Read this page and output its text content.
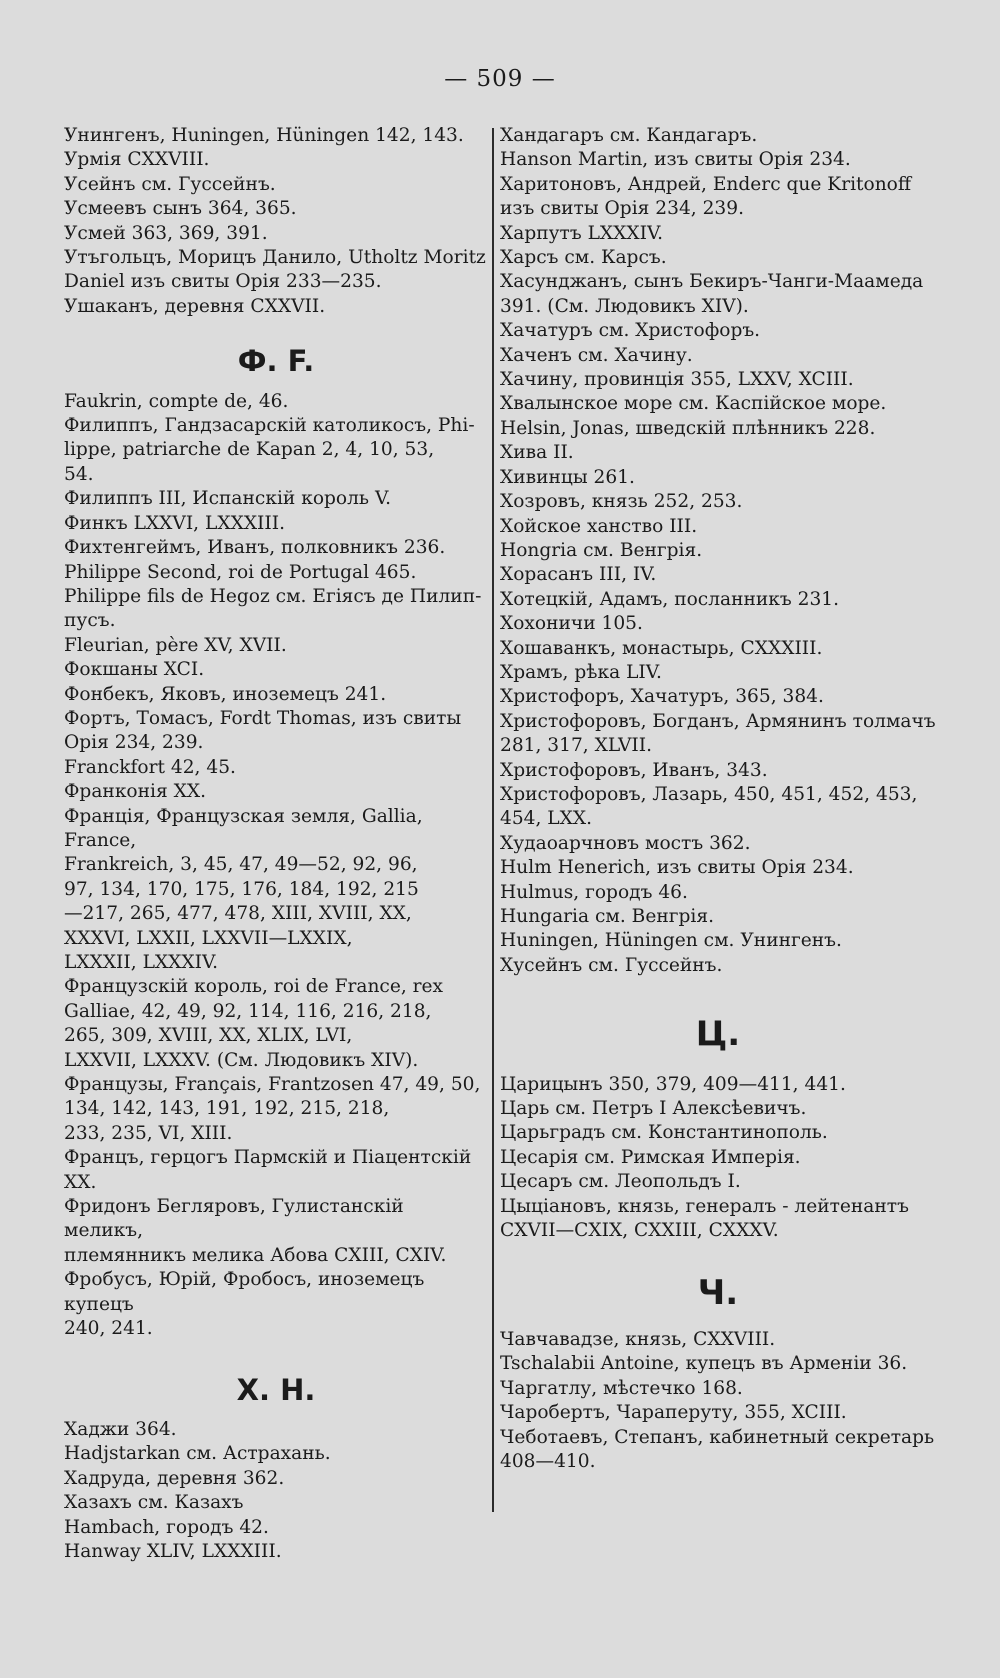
— 509 —
Унингенъ, Huningen, Hüningen 142, 143.
Урмія CXXVIII.
Усейнъ см. Гуссейнъ.
Усмеевъ сынъ 364, 365.
Усмей 363, 369, 391.
Утъгольцъ, Морицъ Данило, Utholtz Moritz
Daniel изъ свиты Орія 233—235.
Ушаканъ, деревня CXXVII.
Ф. F.
Faukrin, compte de, 46.
Филиппъ, Гандзасарскій католикосъ, Phi-
lippe, patriarche de Kapan 2, 4, 10, 53,
54.
Филиппъ III, Испанскій король V.
Финкъ LXXVI, LXXXIII.
Фихтенгеймъ, Иванъ, полковникъ 236.
Philippe Second, roi de Portugal 465.
Philippe fils de Hegoz см. Егіясъ де Пилип-
пусъ.
Fleurian, père XV, XVII.
Фокшаны XCI.
Фонбекъ, Яковъ, иноземецъ 241.
Фортъ, Томасъ, Fordt Thomas, изъ свиты
Орія 234, 239.
Franckfort 42, 45.
Франконія XX.
Франція, Французская земля, Gallia, France,
Frankreich, 3, 45, 47, 49—52, 92, 96,
97, 134, 170, 175, 176, 184, 192, 215
—217, 265, 477, 478, XIII, XVIII, XX,
XXXVI, LXXII, LXXVII—LXXIX,
LXXXII, LXXXIV.
Французскій король, roi de France, rex
Galliae, 42, 49, 92, 114, 116, 216, 218,
265, 309, XVIII, XX, XLIX, LVI,
LXXVII, LXXXV. (См. Людовикъ XIV).
Французы, Français, Frantzosen 47, 49, 50,
134, 142, 143, 191, 192, 215, 218,
233, 235, VI, XIII.
Францъ, герцогъ Пармскій и Піацентскій
XX.
Фридонъ Бегляровъ, Гулистанскій меликъ,
племянникъ мелика Абова CXIII, CXIV.
Фробусъ, Юрій, Фробосъ, иноземецъ купецъ
240, 241.
X. H.
Хаджи 364.
Hadjstarkan см. Астрахань.
Хадруда, деревня 362.
Хазахъ см. Казахъ
Hambach, городъ 42.
Hanway XLIV, LXXXIII.
Хандагаръ см. Кандагаръ.
Hanson Martin, изъ свиты Орія 234.
Харитоновъ, Андрей, Enderc que Kritonoff
изъ свиты Орія 234, 239.
Харпутъ LXXXIV.
Харсъ см. Карсъ.
Хасунджанъ, сынъ Бекиръ-Чанги-Маамеда
391. (См. Людовикъ XIV).
Хачатуръ см. Христофоръ.
Хаченъ см. Хачину.
Хачину, провинція 355, LXXV, XCIII.
Хвалынское море см. Каспійское море.
Helsin, Jonas, шведскій плѣнникъ 228.
Хива II.
Хивинцы 261.
Хозровъ, князь 252, 253.
Хойское ханство III.
Hongria см. Венгрія.
Хорасанъ III, IV.
Хотецкій, Адамъ, посланникъ 231.
Хохоничи 105.
Хошаванкъ, монастырь, CXXXIII.
Храмъ, рѣка LIV.
Христофоръ, Хачатуръ, 365, 384.
Христофоровъ, Богданъ, Армянинъ толмачъ
281, 317, XLVII.
Христофоровъ, Иванъ, 343.
Христофоровъ, Лазарь, 450, 451, 452, 453,
454, LXX.
Худаоарчновъ мостъ 362.
Hulm Henerich, изъ свиты Орія 234.
Hulmus, городъ 46.
Hungaria см. Венгрія.
Huningen, Hüningen см. Унингенъ.
Хусейнъ см. Гуссейнъ.
Ц.
Царицынъ 350, 379, 409—411, 441.
Царь см. Петръ I Алексѣевичъ.
Царьградъ см. Константинополь.
Цесарія см. Римская Имперія.
Цесаръ см. Леопольдъ I.
Цыціановъ, князь, генералъ - лейтенантъ
CXVII—CXIX, CXXIII, CXXXV.
Ч.
Чавчавадзе, князь, CXXVIII.
Tschalabii Antoine, купецъ въ Арменіи 36.
Чаргатлу, мѣстечко 168.
Чаробертъ, Чарапеpуту, 355, XCIII.
Чеботаевъ, Степанъ, кабинетный секретарь
408—410.
